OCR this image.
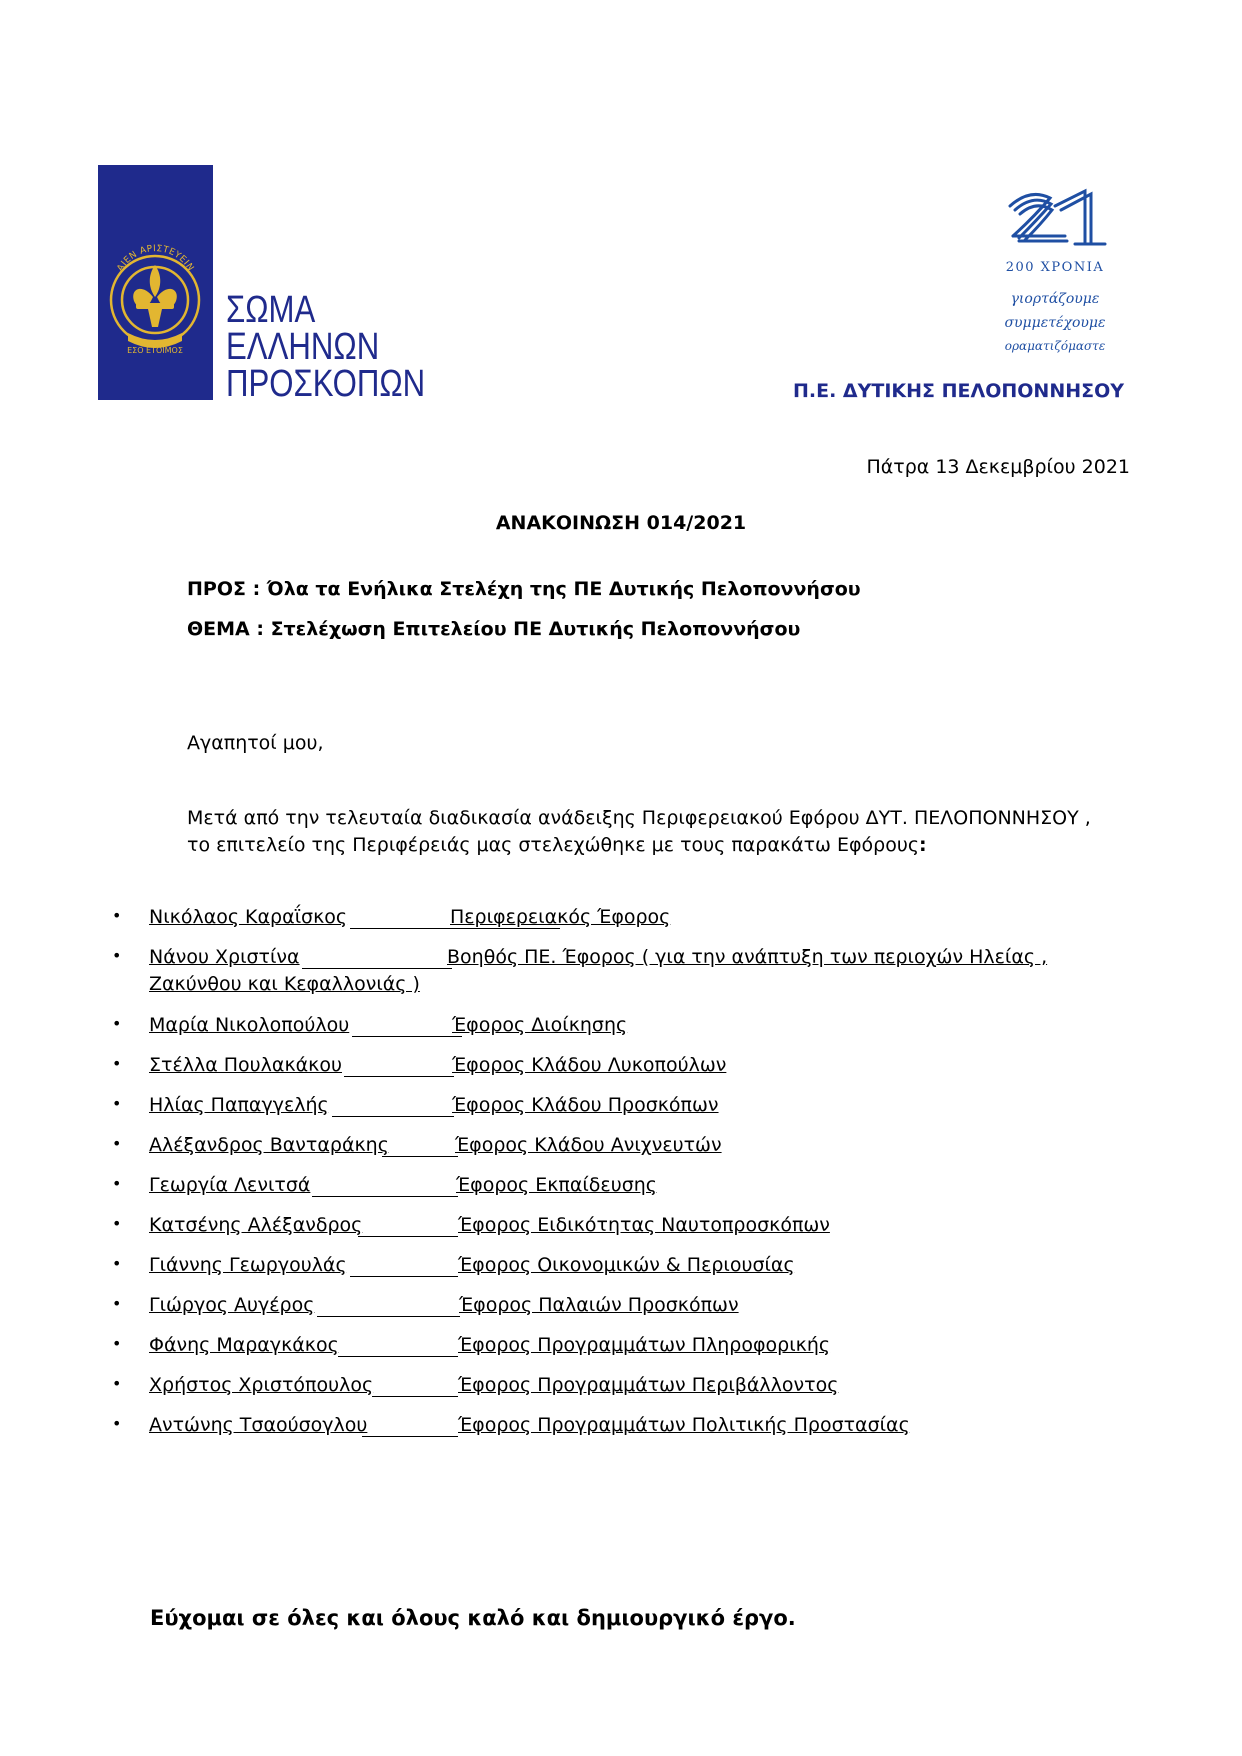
ΑΙΕΝ ΑΡΙΣΤΕΥΕΙΝ
ΕΣΟ ΕΤΟΙΜΟΣ
ΣΩΜΑ
ΕΛΛΗΝΩΝ
ΠΡΟΣΚΟΠΩΝ
200 ΧΡΟΝΙΑ
γιορτάζουμε
συμμετέχουμε
οραματιζόμαστε
Π.Ε. ΔΥΤΙΚΗΣ ΠΕΛΟΠΟΝΝΗΣΟΥ
Πάτρα 13 Δεκεμβρίου 2021
ΑΝΑΚΟΙΝΩΣΗ 014/2021
ΠΡΟΣ : Όλα τα Ενήλικα Στελέχη της ΠΕ Δυτικής Πελοποννήσου
ΘΕΜΑ : Στελέχωση Επιτελείου ΠΕ Δυτικής Πελοποννήσου
Αγαπητοί μου,
Μετά από την τελευταία διαδικασία ανάδειξης Περιφερειακού Εφόρου ΔΥΤ. ΠΕΛΟΠΟΝΝΗΣΟΥ ,
το επιτελείο της Περιφέρειάς μας στελεχώθηκε με τους παρακάτω Εφόρους:
• Νικόλαος Καραΐσκος	Περιφερειακός Έφορος
• Νάνου Χριστίνα	Βοηθός ΠΕ. Έφορος ( για την ανάπτυξη των περιοχών Ηλείας ,
Ζακύνθου και Κεφαλλονιάς )
• Μαρία Νικολοπούλου	Έφορος Διοίκησης
• Στέλλα Πουλακάκου	Έφορος Κλάδου Λυκοπούλων
• Ηλίας Παπαγγελής	Έφορος Κλάδου Προσκόπων
• Αλέξανδρος Βανταράκης	Έφορος Κλάδου Ανιχνευτών
• Γεωργία Λενιτσά	Έφορος Εκπαίδευσης
• Κατσένης Αλέξανδρος	Έφορος Ειδικότητας Ναυτοπροσκόπων
• Γιάννης Γεωργουλάς	Έφορος Οικονομικών & Περιουσίας
• Γιώργος Αυγέρος	Έφορος Παλαιών Προσκόπων
• Φάνης Μαραγκάκος	Έφορος Προγραμμάτων Πληροφορικής
• Χρήστος Χριστόπουλος	Έφορος Προγραμμάτων Περιβάλλοντος
• Αντώνης Τσαούσογλου	Έφορος Προγραμμάτων Πολιτικής Προστασίας
Εύχομαι σε όλες και όλους καλό και δημιουργικό έργο.
